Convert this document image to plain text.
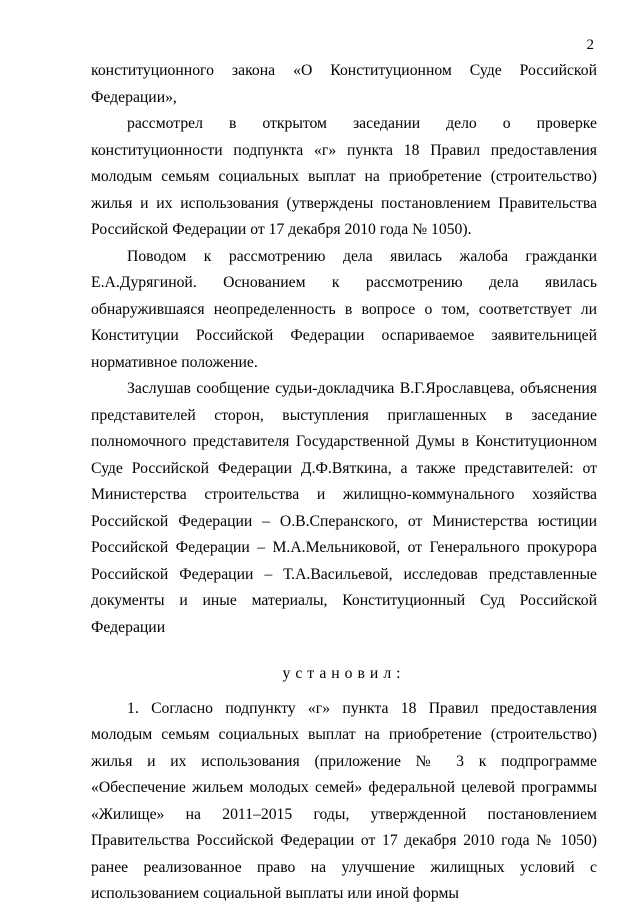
2

конституционного закона «О Конституционном Суде Российской Федерации»,

рассмотрел в открытом заседании дело о проверке конституционности подпункта «г» пункта 18 Правил предоставления молодым семьям социальных выплат на приобретение (строительство) жилья и их использования (утверждены постановлением Правительства Российской Федерации от 17 декабря 2010 года № 1050).

Поводом к рассмотрению дела явилась жалоба гражданки Е.А.Дурягиной. Основанием к рассмотрению дела явилась обнаружившаяся неопределенность в вопросе о том, соответствует ли Конституции Российской Федерации оспариваемое заявительницей нормативное положение.

Заслушав сообщение судьи-докладчика В.Г.Ярославцева, объяснения представителей сторон, выступления приглашенных в заседание полномочного представителя Государственной Думы в Конституционном Суде Российской Федерации Д.Ф.Вяткина, а также представителей: от Министерства строительства и жилищно-коммунального хозяйства Российской Федерации – О.В.Сперанского, от Министерства юстиции Российской Федерации – М.А.Мельниковой, от Генерального прокурора Российской Федерации – Т.А.Васильевой, исследовав представленные документы и иные материалы, Конституционный Суд Российской Федерации

установил:

1. Согласно подпункту «г» пункта 18 Правил предоставления молодым семьям социальных выплат на приобретение (строительство) жилья и их использования (приложение № 3 к подпрограмме «Обеспечение жильем молодых семей» федеральной целевой программы «Жилище» на 2011–2015 годы, утвержденной постановлением Правительства Российской Федерации от 17 декабря 2010 года № 1050) ранее реализованное право на улучшение жилищных условий с использованием социальной выплаты или иной формы
